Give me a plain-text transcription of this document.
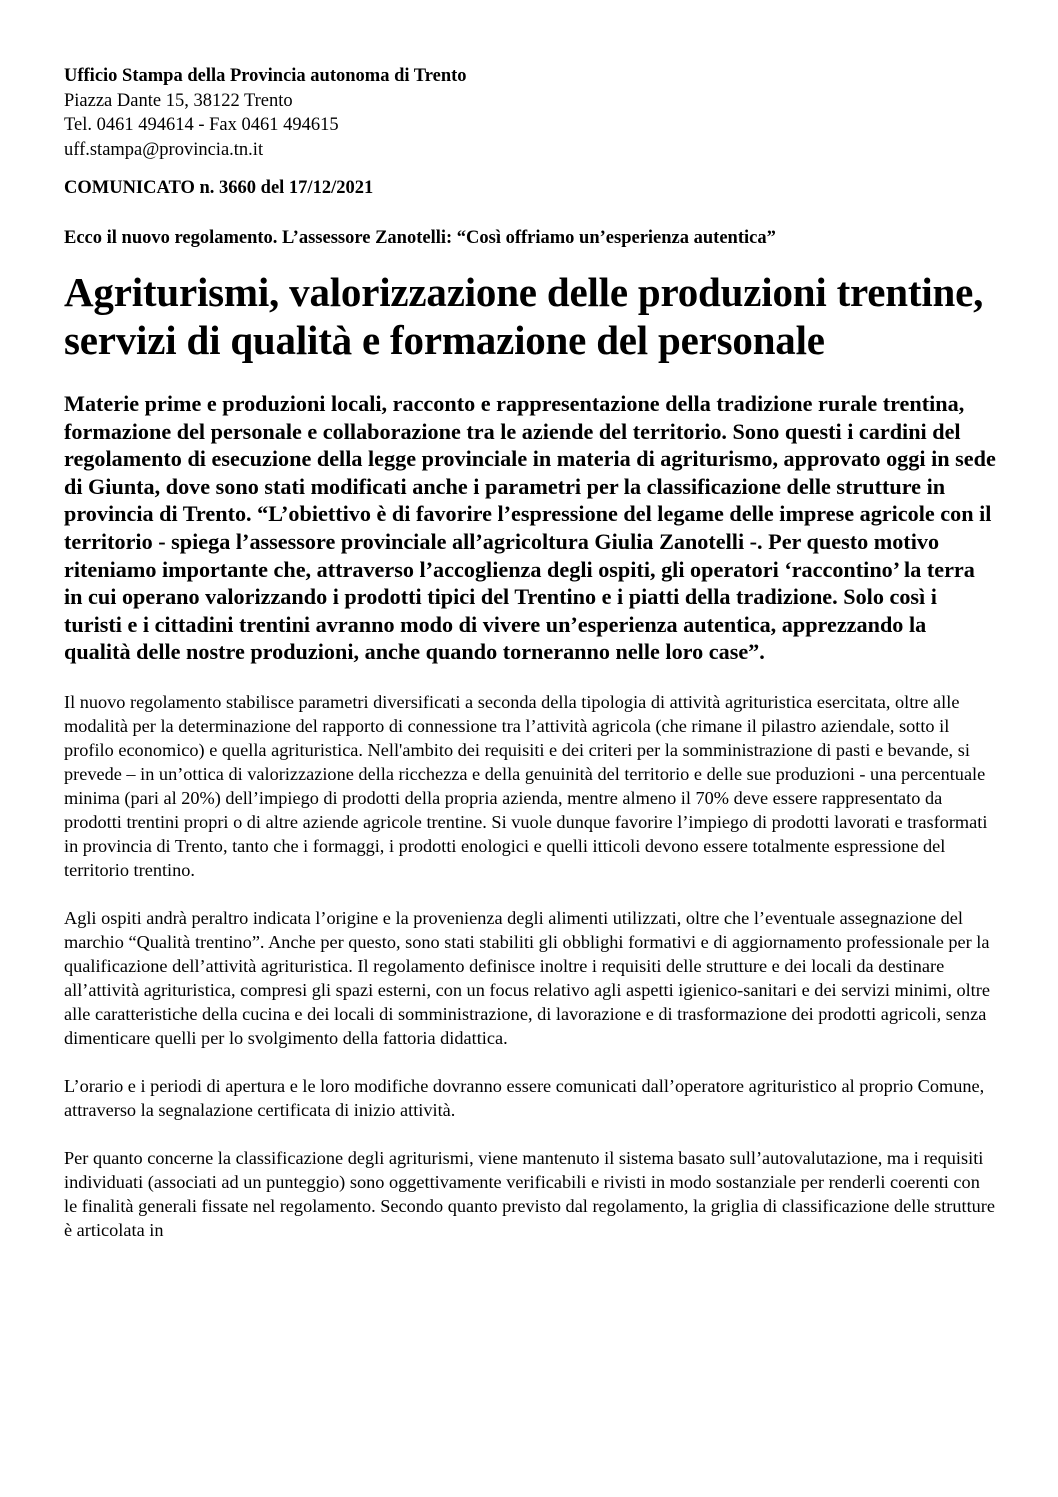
Ufficio Stampa della Provincia autonoma di Trento
Piazza Dante 15, 38122 Trento
Tel. 0461 494614 - Fax 0461 494615
uff.stampa@provincia.tn.it
COMUNICATO n. 3660 del 17/12/2021
Ecco il nuovo regolamento. L’assessore Zanotelli: “Così offriamo un’esperienza autentica”
Agriturismi, valorizzazione delle produzioni trentine, servizi di qualità e formazione del personale
Materie prime e produzioni locali, racconto e rappresentazione della tradizione rurale trentina, formazione del personale e collaborazione tra le aziende del territorio. Sono questi i cardini del regolamento di esecuzione della legge provinciale in materia di agriturismo, approvato oggi in sede di Giunta, dove sono stati modificati anche i parametri per la classificazione delle strutture in provincia di Trento. “L’obiettivo è di favorire l’espressione del legame delle imprese agricole con il territorio - spiega l’assessore provinciale all’agricoltura Giulia Zanotelli -. Per questo motivo riteniamo importante che, attraverso l’accoglienza degli ospiti, gli operatori ‘raccontino’ la terra in cui operano valorizzando i prodotti tipici del Trentino e i piatti della tradizione. Solo così i turisti e i cittadini trentini avranno modo di vivere un’esperienza autentica, apprezzando la qualità delle nostre produzioni, anche quando torneranno nelle loro case”.

Il nuovo regolamento stabilisce parametri diversificati a seconda della tipologia di attività agrituristica esercitata, oltre alle modalità per la determinazione del rapporto di connessione tra l’attività agricola (che rimane il pilastro aziendale, sotto il profilo economico) e quella agrituristica. Nell'ambito dei requisiti e dei criteri per la somministrazione di pasti e bevande, si prevede – in un’ottica di valorizzazione della ricchezza e della genuinità del territorio e delle sue produzioni - una percentuale minima (pari al 20%) dell’impiego di prodotti della propria azienda, mentre almeno il 70% deve essere rappresentato da prodotti trentini propri o di altre aziende agricole trentine. Si vuole dunque favorire l’impiego di prodotti lavorati e trasformati in provincia di Trento, tanto che i formaggi, i prodotti enologici e quelli itticoli devono essere totalmente espressione del territorio trentino.

Agli ospiti andrà peraltro indicata l’origine e la provenienza degli alimenti utilizzati, oltre che l’eventuale assegnazione del marchio “Qualità trentino”. Anche per questo, sono stati stabiliti gli obblighi formativi e di aggiornamento professionale per la qualificazione dell’attività agrituristica. Il regolamento definisce inoltre i requisiti delle strutture e dei locali da destinare all’attività agrituristica, compresi gli spazi esterni, con un focus relativo agli aspetti igienico-sanitari e dei servizi minimi, oltre alle caratteristiche della cucina e dei locali di somministrazione, di lavorazione e di trasformazione dei prodotti agricoli, senza dimenticare quelli per lo svolgimento della fattoria didattica.

L’orario e i periodi di apertura e le loro modifiche dovranno essere comunicati dall’operatore agrituristico al proprio Comune, attraverso la segnalazione certificata di inizio attività.

Per quanto concerne la classificazione degli agriturismi, viene mantenuto il sistema basato sull’autovalutazione, ma i requisiti individuati (associati ad un punteggio) sono oggettivamente verificabili e rivisti in modo sostanziale per renderli coerenti con le finalità generali fissate nel regolamento. Secondo quanto previsto dal regolamento, la griglia di classificazione delle strutture è articolata in
